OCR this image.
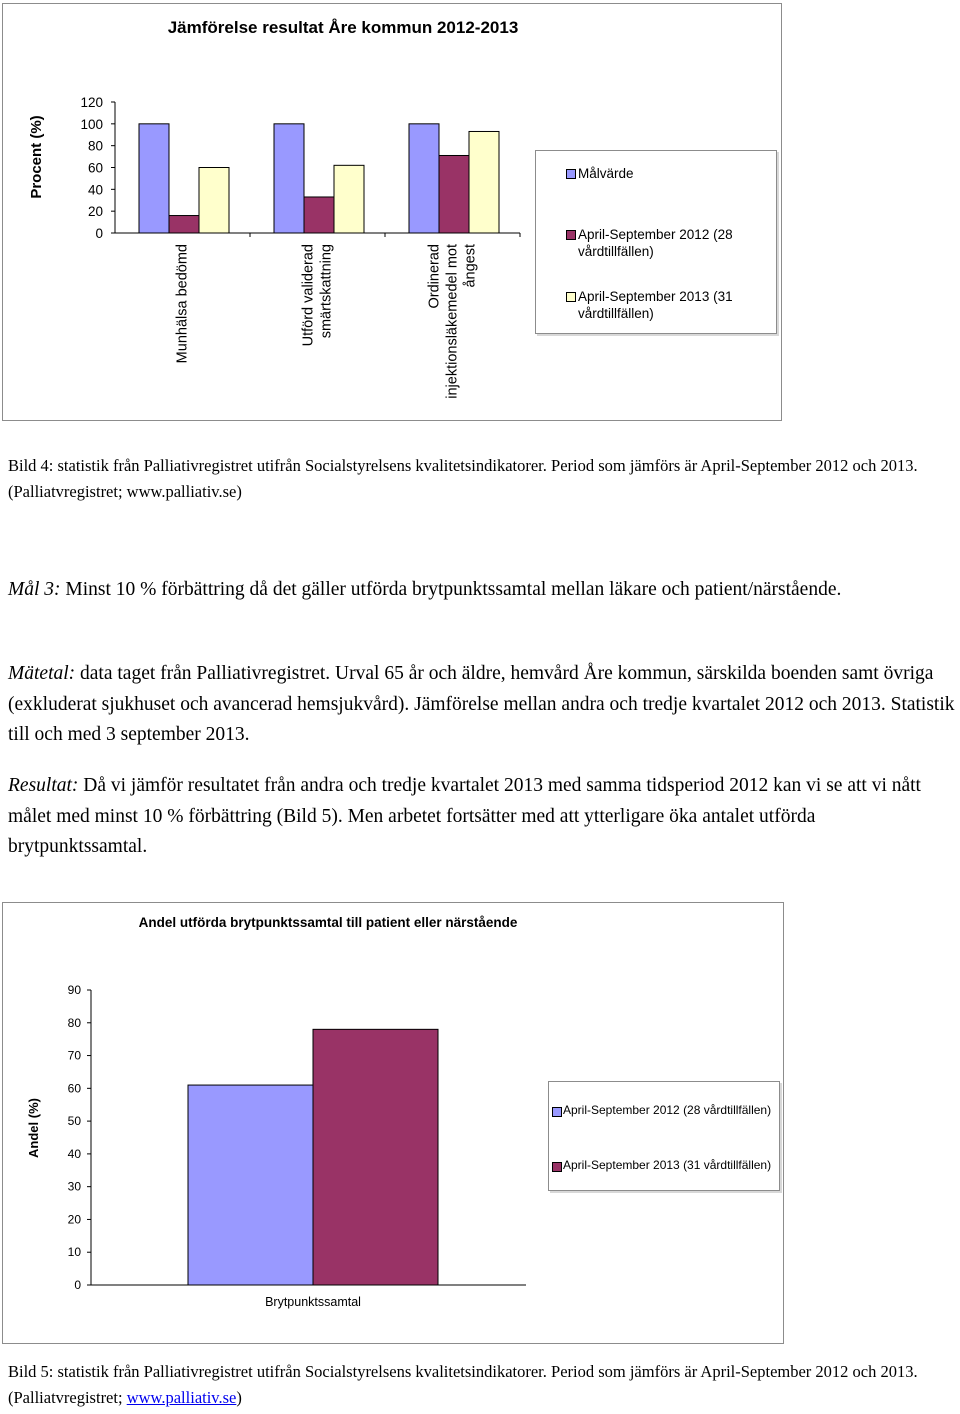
Jämförelse resultat Åre kommun 2012-2013
120
100
80
60
40
20
0
Procent (%)
Munhälsa bedömd	Utförd validerad smärtskattning	Ordinerad injektionsläkemedel mot ångest
Målvärde
April-September 2012 (28 vårdtillfällen)
April-September 2013 (31 vårdtillfällen)
Bild 4: statistik från Palliativregistret utifrån Socialstyrelsens kvalitetsindikatorer. Period som jämförs är April-September 2012 och 2013. (Palliatvregistret; www.palliativ.se)
Mål 3: Minst 10 % förbättring då det gäller utförda brytpunktssamtal mellan läkare och patient/närstående.
Mätetal: data taget från Palliativregistret. Urval 65 år och äldre, hemvård Åre kommun, särskilda boenden samt övriga (exkluderat sjukhuset och avancerad hemsjukvård). Jämförelse mellan andra och tredje kvartalet 2012 och 2013. Statistik till och med 3 september 2013.
Resultat: Då vi jämför resultatet från andra och tredje kvartalet 2013 med samma tidsperiod 2012 kan vi se att vi nått målet med minst 10 % förbättring (Bild 5). Men arbetet fortsätter med att ytterligare öka antalet utförda brytpunktssamtal.
Andel utförda brytpunktssamtal till patient eller närstående
90
80
70
60
50
40
30
20
10
0
Andel (%)
Brytpunktssamtal
April-September 2012 (28 vårdtillfällen)
April-September 2013 (31 vårdtillfällen)
Bild 5: statistik från Palliativregistret utifrån Socialstyrelsens kvalitetsindikatorer. Period som jämförs är April-September 2012 och 2013. (Palliatvregistret; www.palliativ.se)
